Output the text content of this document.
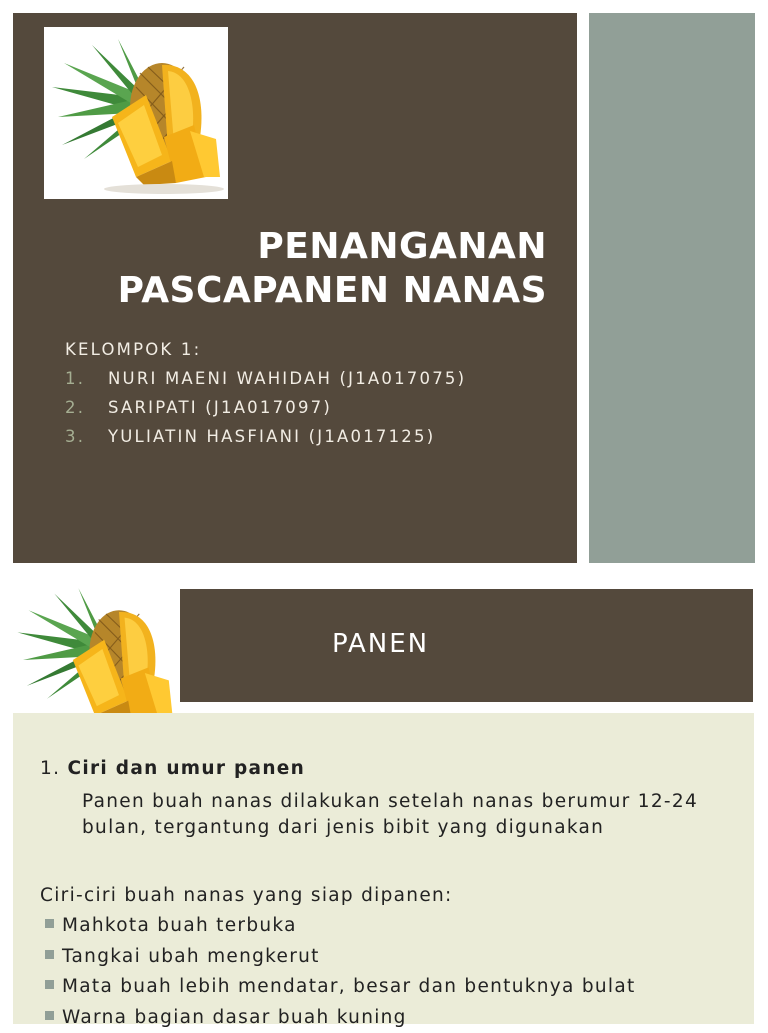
PENANGANAN
PASCAPANEN NANAS
KELOMPOK 1:
1. NURI MAENI WAHIDAH (J1A017075)
2. SARIPATI (J1A017097)
3. YULIATIN HASFIANI (J1A017125)
PANEN
1. Ciri dan umur panen
Panen buah nanas dilakukan setelah nanas berumur 12-24 bulan, tergantung dari jenis bibit yang digunakan
Ciri-ciri buah nanas yang siap dipanen:
Mahkota buah terbuka
Tangkai ubah mengkerut
Mata buah lebih mendatar, besar dan bentuknya bulat
Warna bagian dasar buah kuning
